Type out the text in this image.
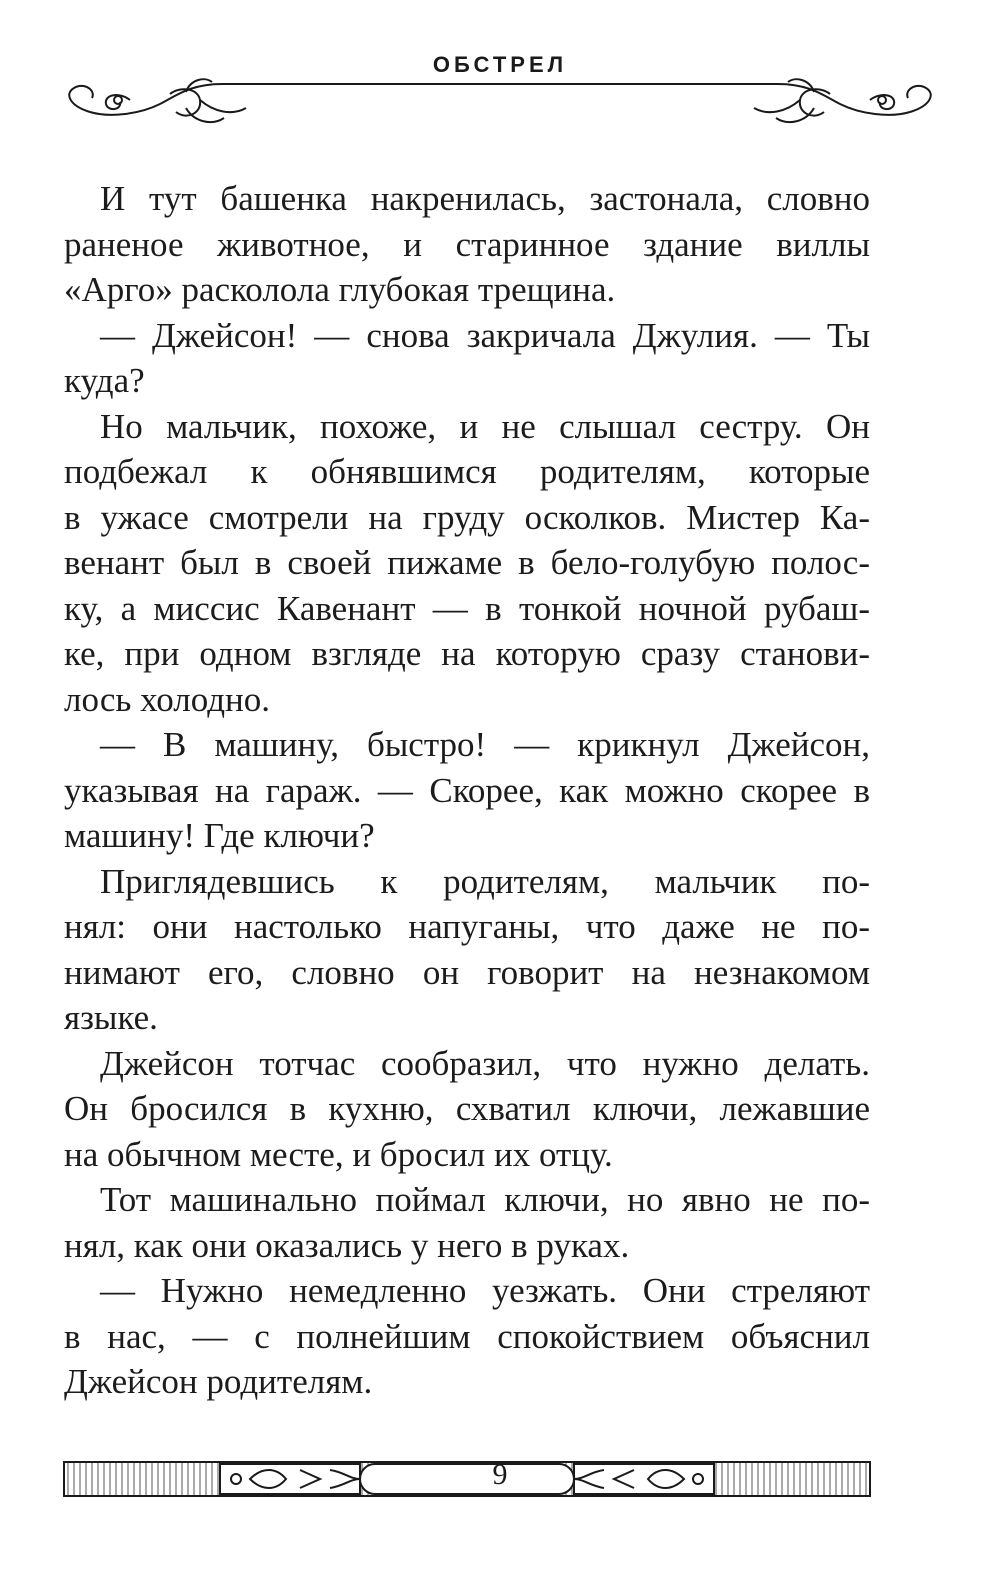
ОБСТРЕЛ
И тут башенка накренилась, застонала, словно
раненое животное, и старинное здание виллы
«Арго» расколола глубокая трещина.
— Джейсон! — снова закричала Джулия. — Ты
куда?
Но мальчик, похоже, и не слышал сестру. Он
подбежал к обнявшимся родителям, которые
в ужасе смотрели на груду осколков. Мистер Ка-
венант был в своей пижаме в бело-голубую полос-
ку, а миссис Кавенант — в тонкой ночной рубаш-
ке, при одном взгляде на которую сразу станови-
лось холодно.
— В машину, быстро! — крикнул Джейсон,
указывая на гараж. — Скорее, как можно скорее в
машину! Где ключи?
Приглядевшись к родителям, мальчик по-
нял: они настолько напуганы, что даже не по-
нимают его, словно он говорит на незнакомом
языке.
Джейсон тотчас сообразил, что нужно делать.
Он бросился в кухню, схватил ключи, лежавшие
на обычном месте, и бросил их отцу.
Тот машинально поймал ключи, но явно не по-
нял, как они оказались у него в руках.
— Нужно немедленно уезжать. Они стреляют
в нас, — с полнейшим спокойствием объяснил
Джейсон родителям.
9
